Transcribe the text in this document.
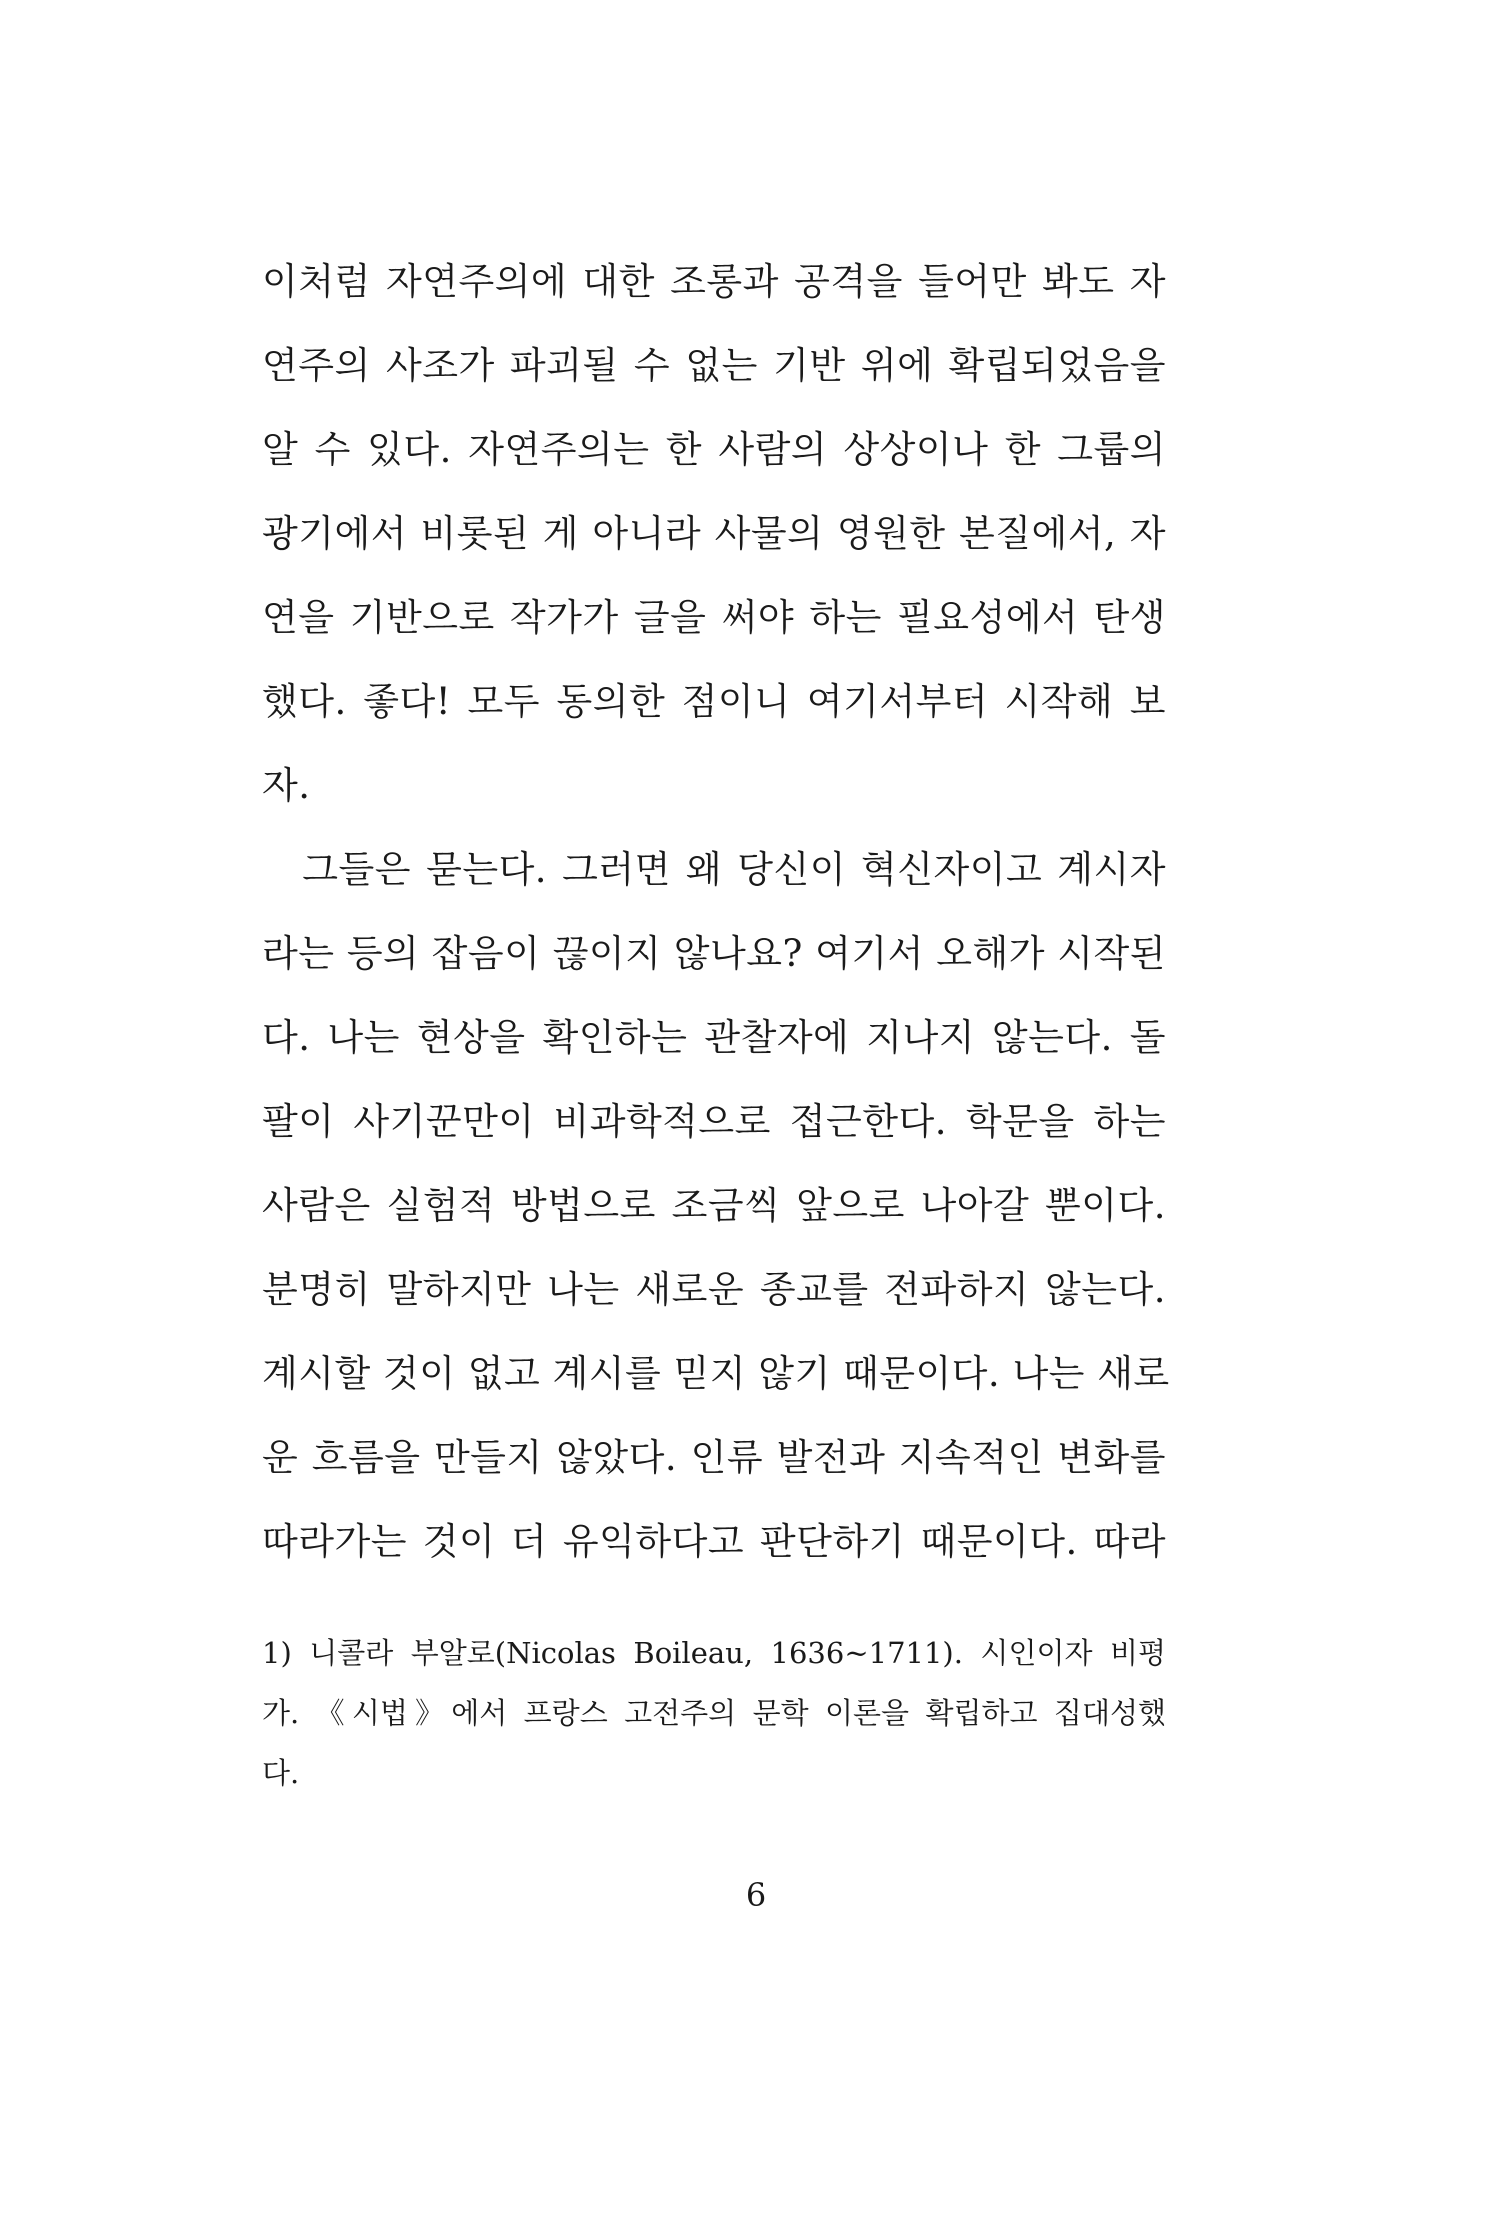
이처럼 자연주의에 대한 조롱과 공격을 들어만 봐도 자
연주의 사조가 파괴될 수 없는 기반 위에 확립되었음을
알 수 있다. 자연주의는 한 사람의 상상이나 한 그룹의
광기에서 비롯된 게 아니라 사물의 영원한 본질에서, 자
연을 기반으로 작가가 글을 써야 하는 필요성에서 탄생
했다. 좋다! 모두 동의한 점이니 여기서부터 시작해 보
자.
　그들은 묻는다. 그러면 왜 당신이 혁신자이고 계시자
라는 등의 잡음이 끊이지 않나요? 여기서 오해가 시작된
다. 나는 현상을 확인하는 관찰자에 지나지 않는다. 돌
팔이 사기꾼만이 비과학적으로 접근한다. 학문을 하는
사람은 실험적 방법으로 조금씩 앞으로 나아갈 뿐이다.
분명히 말하지만 나는 새로운 종교를 전파하지 않는다.
계시할 것이 없고 계시를 믿지 않기 때문이다. 나는 새로
운 흐름을 만들지 않았다. 인류 발전과 지속적인 변화를
따라가는 것이 더 유익하다고 판단하기 때문이다. 따라
1) 니콜라 부알로(Nicolas Boileau, 1636~1711). 시인이자 비평
가. 《시법》에서 프랑스 고전주의 문학 이론을 확립하고 집대성했
다.
6
